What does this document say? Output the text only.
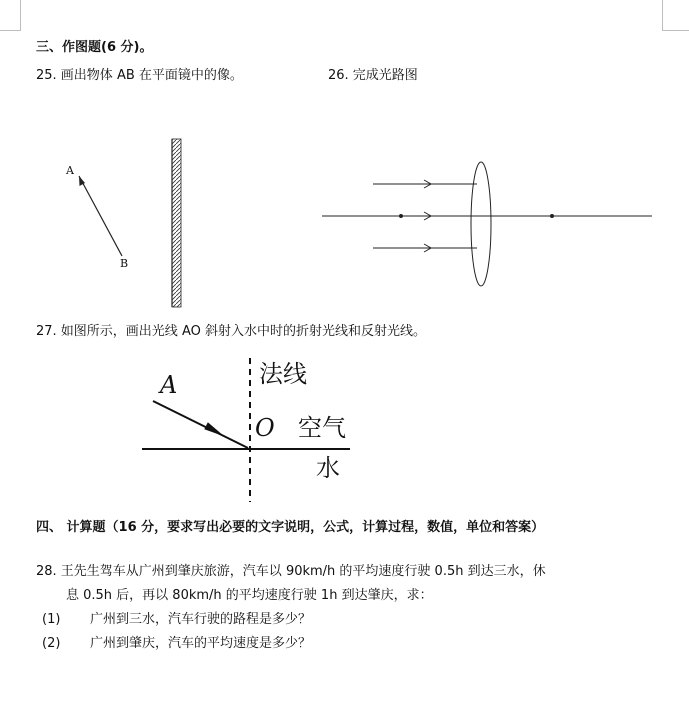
三、作图题(6 分)。
25. 画出物体 AB 在平面镜中的像。	26. 完成光路图
A
B
27. 如图所示，画出光线 AO 斜射入水中时的折射光线和反射光线。
A	法线
O 空气
水
四、 计算题（16 分，要求写出必要的文字说明，公式，计算过程，数值，单位和答案）
28. 王先生驾车从广州到肇庆旅游，汽车以 90km/h 的平均速度行驶 0.5h 到达三水，休
息 0.5h 后，再以 80km/h 的平均速度行驶 1h 到达肇庆，求：
(1) 广州到三水，汽车行驶的路程是多少？
(2) 广州到肇庆，汽车的平均速度是多少？
